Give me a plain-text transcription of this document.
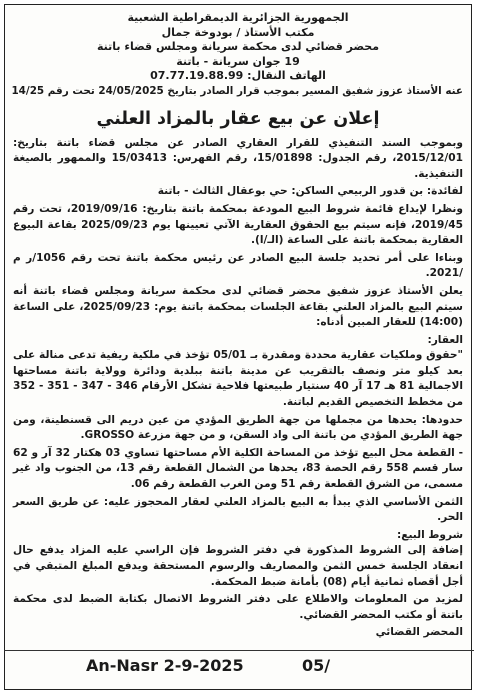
الجمهورية الجزائرية الديمقراطية الشعبية
مكتب الأستاذ / بودوخة جمال
محضر قضائي لدى محكمة سريانة ومجلس قضاء باتنة
19 جوان سريانة - باتنة
الهاتف النقال: 07.77.19.88.99
عنه الأستاذ عزوز شفيق المسير بموجب قرار الصادر بتاريخ 24/05/2025 تحت رقم 14/25
إعلان عن بيع عقار بالمزاد العلني

وبموجب السند التنفيذي للقرار العقاري الصادر عن مجلس قضاء باتنة بتاريخ: 2015/12/01، رقم الجدول: 15/01898، رقم الفهرس: 15/03413 والممهور بالصيغة التنفيذية.

لفائدة: بن قدور الربيعي الساكن: حي بوعقال الثالث - باتنة

ونظرا لإيداع قائمة شروط البيع المودعة بمحكمة باتنة بتاريخ: 2019/09/16، تحت رقم 2019/45، فإنه سيتم بيع الحقوق العقارية الآتي تعيينها يوم 2025/09/23 بقاعة البيوع العقارية بمحكمة باتنة على الساعة (الـ/ا).

وبناءا على أمر تحديد جلسة البيع الصادر عن رئيس محكمة باتنة تحت رقم 1056/ر م /2021.

يعلن الأستاذ عزوز شفيق محضر قضائي لدى محكمة سريانة ومجلس قضاء باتنة أنه سيتم البيع بالمزاد العلني بقاعة الجلسات بمحكمة باتنة يوم: 2025/09/23، على الساعة (14:00) للعقار المبين أدناه:

العقار:

"حقوق وملكيات عقارية محددة ومقدرة بـ 05/01 تؤخذ في ملكية ريفية تدعى منالة على بعد كيلو متر ونصف بالتقريب عن مدينة باتنة ببلدية ودائرة وولاية باتنة مساحتها الاجمالية 81 هـ 17 آر 40 سنتيار طبيعتها فلاحية تشكل الأرقام 346 - 347 - 351 - 352 من مخطط التخصيص القديم لباتنة.

حدودها: يحدها من مجملها من جهة الطريق المؤدي من عين دريم الى قسنطينة، ومن جهة الطريق المؤدي من باتنة الى واد السقن، و من جهة مزرعة GROSSO.

- القطعة محل البيع تؤخذ من المساحة الكلية الأم مساحتها تساوي 03 هكتار 32 آر و 62 سار قسم 558 رقم الحصة 83، يحدها من الشمال القطعة رقم 13، من الجنوب واد غير مسمى، من الشرق القطعة رقم 51 ومن الغرب القطعة رقم 06.

الثمن الأساسي الذي يبدأ به البيع بالمزاد العلني لعقار المحجوز عليه: عن طريق السعر الحر.

شروط البيع:

إضافة إلى الشروط المذكورة في دفتر الشروط فإن الراسي عليه المزاد يدفع حال انعقاد الجلسة خمس الثمن والمصاريف والرسوم المستحقة ويدفع المبلغ المتبقي في أجل أقصاه ثمانية أيام (08) بأمانة ضبط المحكمة.

لمزيد من المعلومات والاطلاع على دفتر الشروط الاتصال بكتابة الضبط لدى محكمة باتنة أو مكتب المحضر القضائي.

المحضر القضائي
An-Nasr 2-9-2025	05/
